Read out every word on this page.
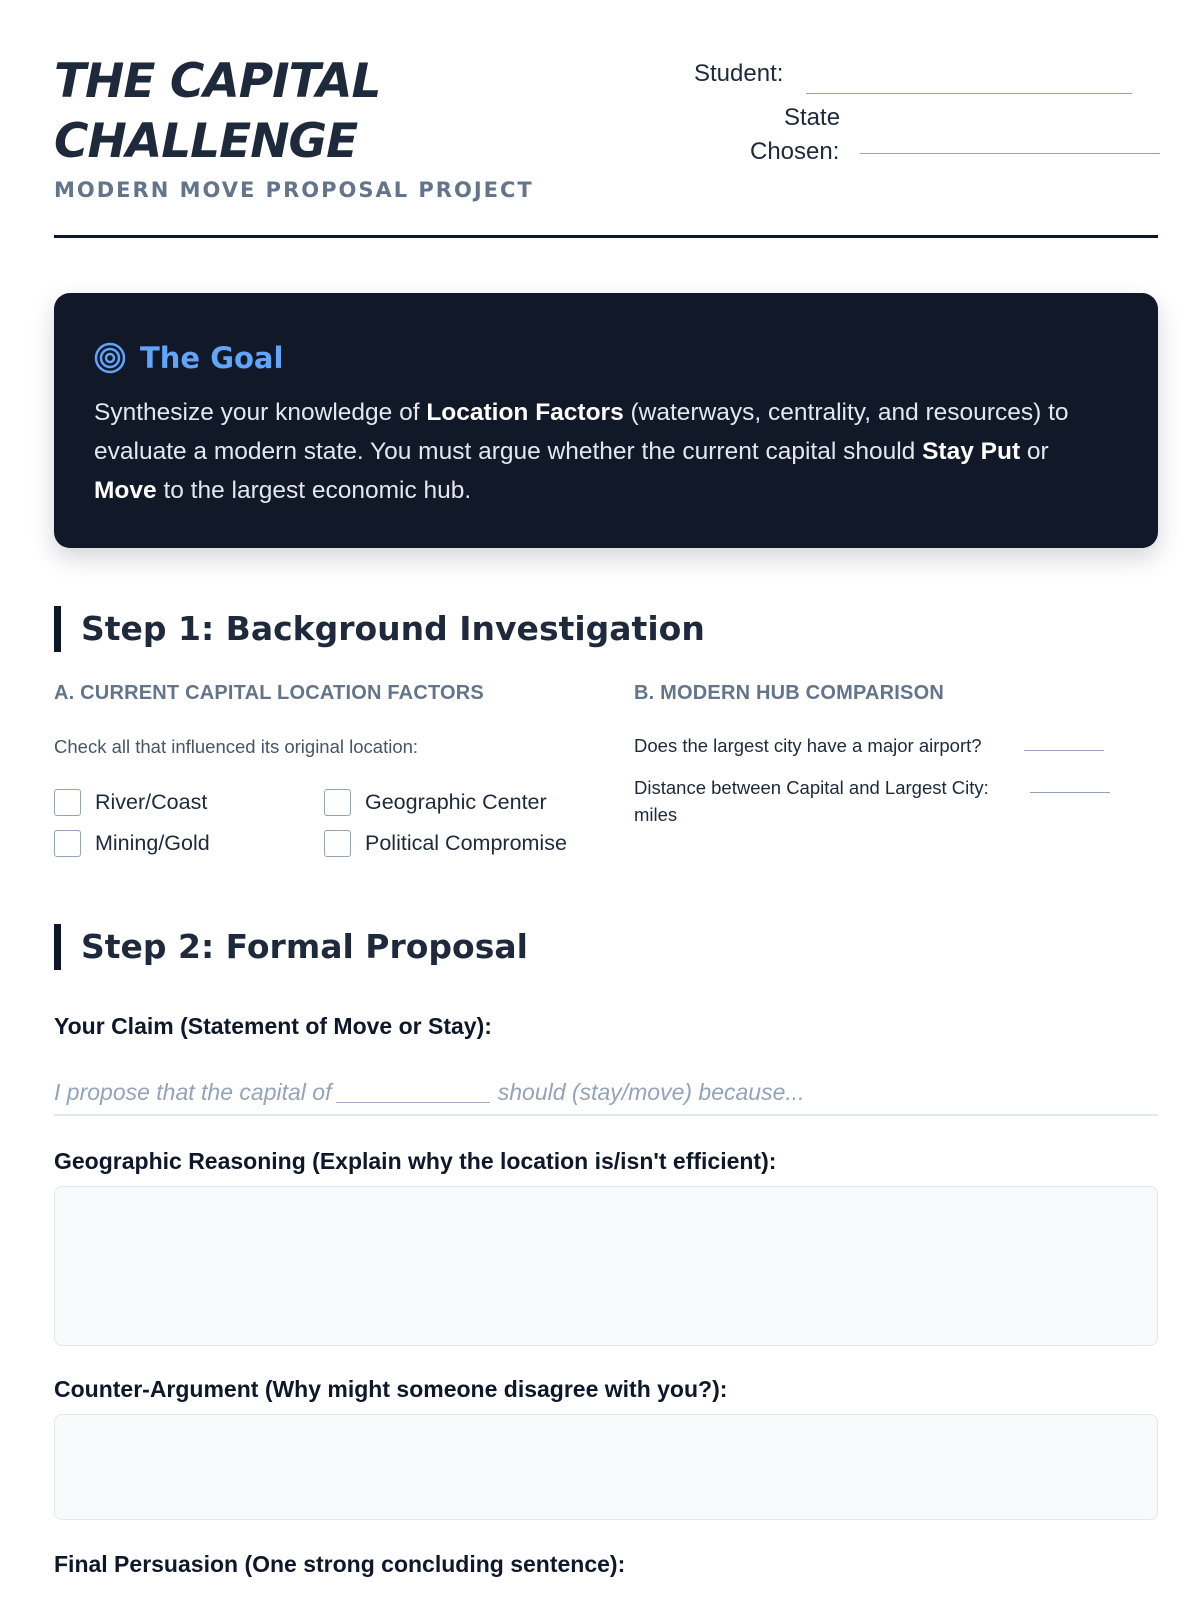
THE CAPITAL CHALLENGE
MODERN MOVE PROPOSAL PROJECT
Student:
State
Chosen:
The Goal

Synthesize your knowledge of Location Factors (waterways, centrality, and resources) to evaluate a modern state. You must argue whether the current capital should Stay Put or Move to the largest economic hub.

Step 1: Background Investigation
A. CURRENT CAPITAL LOCATION FACTORS
Check all that influenced its original location:
River/Coast	Geographic Center
Mining/Gold	Political Compromise
B. MODERN HUB COMPARISON
Does the largest city have a major airport?
Distance between Capital and Largest City:
miles
Step 2: Formal Proposal
Your Claim (Statement of Move or Stay):
I propose that the capital of ____________ should (stay/move) because...
Geographic Reasoning (Explain why the location is/isn't efficient):
Counter-Argument (Why might someone disagree with you?):
Final Persuasion (One strong concluding sentence):
